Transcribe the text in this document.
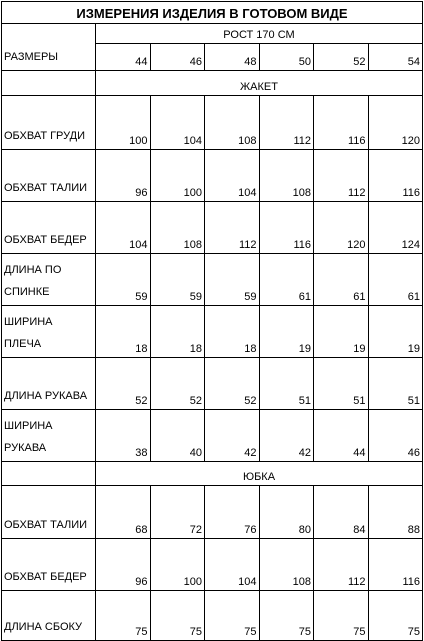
ИЗМЕРЕНИЯ ИЗДЕЛИЯ В ГОТОВОМ ВИДЕ						
РАЗМЕРЫ	РОСТ 170 СМ					
	44	46	48	50	52	54
	ЖАКЕТ					
ОБХВАТ ГРУДИ	100	104	108	112	116	120
ОБХВАТ ТАЛИИ	96	100	104	108	112	116
ОБХВАТ БЕДЕР	104	108	112	116	120	124
ДЛИНА ПО
СПИНКЕ	59	59	59	61	61	61
ШИРИНА
ПЛЕЧА	18	18	18	19	19	19
ДЛИНА РУКАВА	52	52	52	51	51	51
ШИРИНА
РУКАВА	38	40	42	42	44	46
	ЮБКА					
ОБХВАТ ТАЛИИ	68	72	76	80	84	88
ОБХВАТ БЕДЕР	96	100	104	108	112	116
ДЛИНА СБОКУ	75	75	75	75	75	75
